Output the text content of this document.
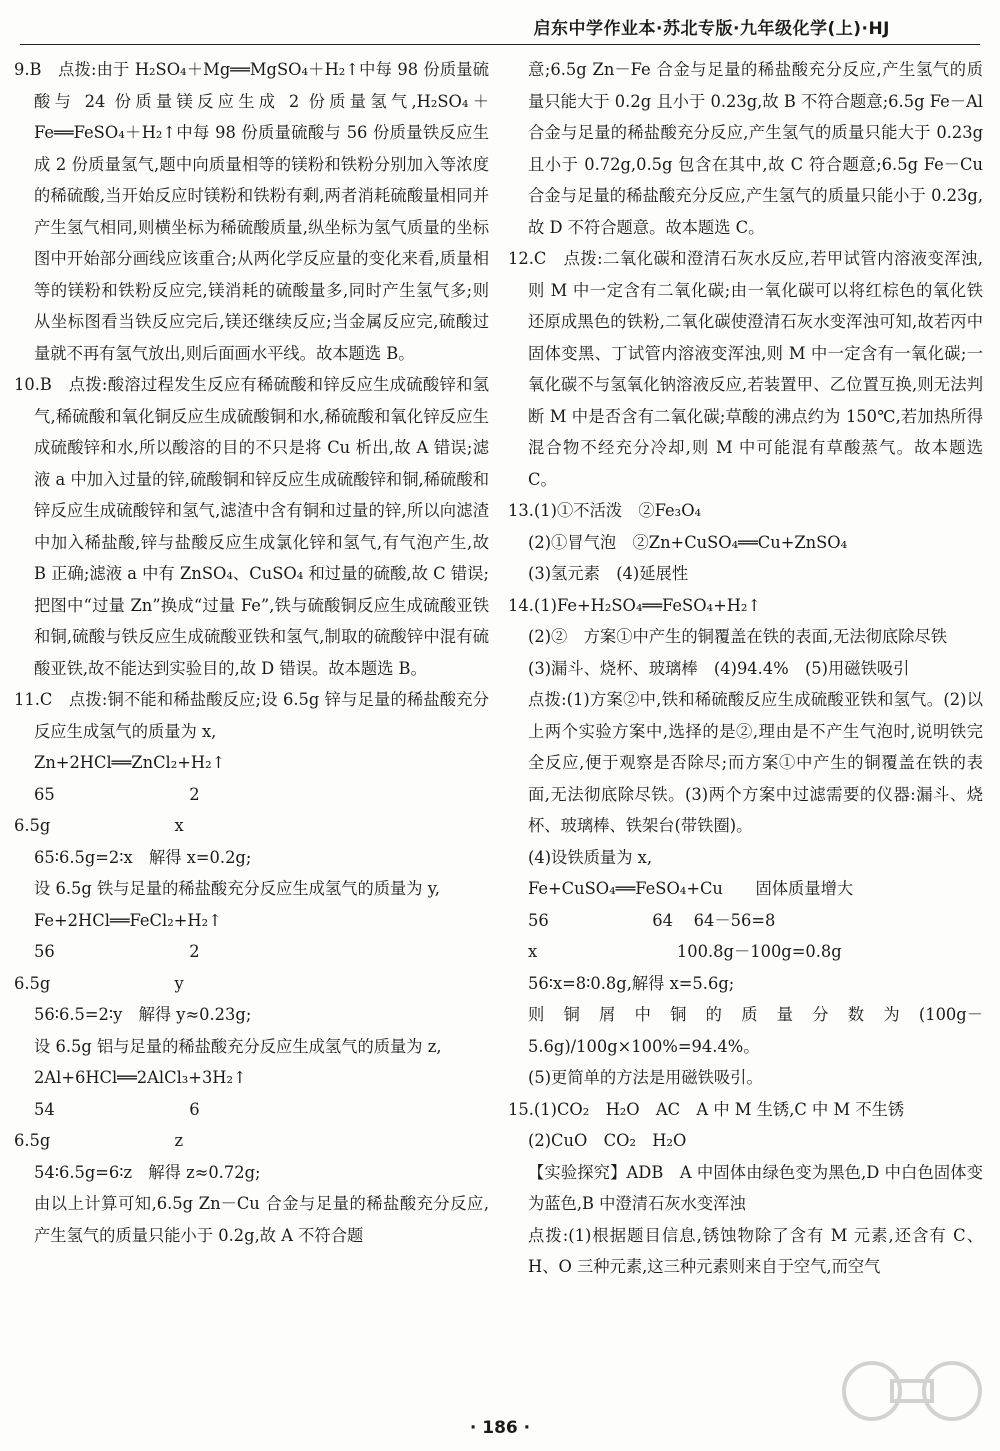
启东中学作业本·苏北专版·九年级化学(上)·HJ

9.B　点拨:由于 H₂SO₄＋Mg══MgSO₄＋H₂↑中每 98 份质量硫酸与 24 份质量镁反应生成 2 份质量氢气,H₂SO₄＋Fe══FeSO₄＋H₂↑中每 98 份质量硫酸与 56 份质量铁反应生成 2 份质量氢气,题中向质量相等的镁粉和铁粉分别加入等浓度的稀硫酸,当开始反应时镁粉和铁粉有剩,两者消耗硫酸量相同并产生氢气相同,则横坐标为稀硫酸质量,纵坐标为氢气质量的坐标图中开始部分画线应该重合;从两化学反应量的变化来看,质量相等的镁粉和铁粉反应完,镁消耗的硫酸量多,同时产生氢气多;则从坐标图看当铁反应完后,镁还继续反应;当金属反应完,硫酸过量就不再有氢气放出,则后面画水平线。故本题选 B。

10.B　点拨:酸溶过程发生反应有稀硫酸和锌反应生成硫酸锌和氢气,稀硫酸和氧化铜反应生成硫酸铜和水,稀硫酸和氧化锌反应生成硫酸锌和水,所以酸溶的目的不只是将 Cu 析出,故 A 错误;滤液 a 中加入过量的锌,硫酸铜和锌反应生成硫酸锌和铜,稀硫酸和锌反应生成硫酸锌和氢气,滤渣中含有铜和过量的锌,所以向滤渣中加入稀盐酸,锌与盐酸反应生成氯化锌和氢气,有气泡产生,故 B 正确;滤液 a 中有 ZnSO₄、CuSO₄ 和过量的硫酸,故 C 错误;把图中“过量 Zn”换成“过量 Fe”,铁与硫酸铜反应生成硫酸亚铁和铜,硫酸与铁反应生成硫酸亚铁和氢气,制取的硫酸锌中混有硫酸亚铁,故不能达到实验目的,故 D 错误。故本题选 B。

11.C　点拨:铜不能和稀盐酸反应;设 6.5g 锌与足量的稀盐酸充分反应生成氢气的质量为 x,

Zn+2HCl══ZnCl₂+H₂↑

65                          2

6.5g                        x

65∶6.5g=2∶x　解得 x=0.2g;

设 6.5g 铁与足量的稀盐酸充分反应生成氢气的质量为 y,

Fe+2HCl══FeCl₂+H₂↑

56                          2

6.5g                        y

56∶6.5=2∶y　解得 y≈0.23g;

设 6.5g 铝与足量的稀盐酸充分反应生成氢气的质量为 z,

2Al+6HCl══2AlCl₃+3H₂↑

54                          6

6.5g                        z

54∶6.5g=6∶z　解得 z≈0.72g;

由以上计算可知,6.5g Zn－Cu 合金与足量的稀盐酸充分反应,产生氢气的质量只能小于 0.2g,故 A 不符合题

意;6.5g Zn－Fe 合金与足量的稀盐酸充分反应,产生氢气的质量只能大于 0.2g 且小于 0.23g,故 B 不符合题意;6.5g Fe－Al 合金与足量的稀盐酸充分反应,产生氢气的质量只能大于 0.23g 且小于 0.72g,0.5g 包含在其中,故 C 符合题意;6.5g Fe－Cu 合金与足量的稀盐酸充分反应,产生氢气的质量只能小于 0.23g,故 D 不符合题意。故本题选 C。

12.C　点拨:二氧化碳和澄清石灰水反应,若甲试管内溶液变浑浊,则 M 中一定含有二氧化碳;由一氧化碳可以将红棕色的氧化铁还原成黑色的铁粉,二氧化碳使澄清石灰水变浑浊可知,故若丙中固体变黑、丁试管内溶液变浑浊,则 M 中一定含有一氧化碳;一氧化碳不与氢氧化钠溶液反应,若装置甲、乙位置互换,则无法判断 M 中是否含有二氧化碳;草酸的沸点约为 150℃,若加热所得混合物不经充分冷却,则 M 中可能混有草酸蒸气。故本题选 C。

13.(1)①不活泼　②Fe₃O₄

(2)①冒气泡　②Zn+CuSO₄══Cu+ZnSO₄

(3)氢元素　(4)延展性

14.(1)Fe+H₂SO₄══FeSO₄+H₂↑

(2)②　方案①中产生的铜覆盖在铁的表面,无法彻底除尽铁

(3)漏斗、烧杯、玻璃棒　(4)94.4%　(5)用磁铁吸引

点拨:(1)方案②中,铁和稀硫酸反应生成硫酸亚铁和氢气。(2)以上两个实验方案中,选择的是②,理由是不产生气泡时,说明铁完全反应,便于观察是否除尽;而方案①中产生的铜覆盖在铁的表面,无法彻底除尽铁。(3)两个方案中过滤需要的仪器:漏斗、烧杯、玻璃棒、铁架台(带铁圈)。

(4)设铁质量为 x,

Fe+CuSO₄══FeSO₄+Cu　　固体质量增大

56                    64    64－56=8

x                           100.8g－100g=0.8g

56∶x=8∶0.8g,解得 x=5.6g;

则铜屑中铜的质量分数为(100g－5.6g)/100g×100%=94.4%。

(5)更简单的方法是用磁铁吸引。

15.(1)CO₂　H₂O　AC　A 中 M 生锈,C 中 M 不生锈

(2)CuO　CO₂　H₂O

【实验探究】ADB　A 中固体由绿色变为黑色,D 中白色固体变为蓝色,B 中澄清石灰水变浑浊

点拨:(1)根据题目信息,锈蚀物除了含有 M 元素,还含有 C、H、O 三种元素,这三种元素则来自于空气,而空气

· 186 ·
